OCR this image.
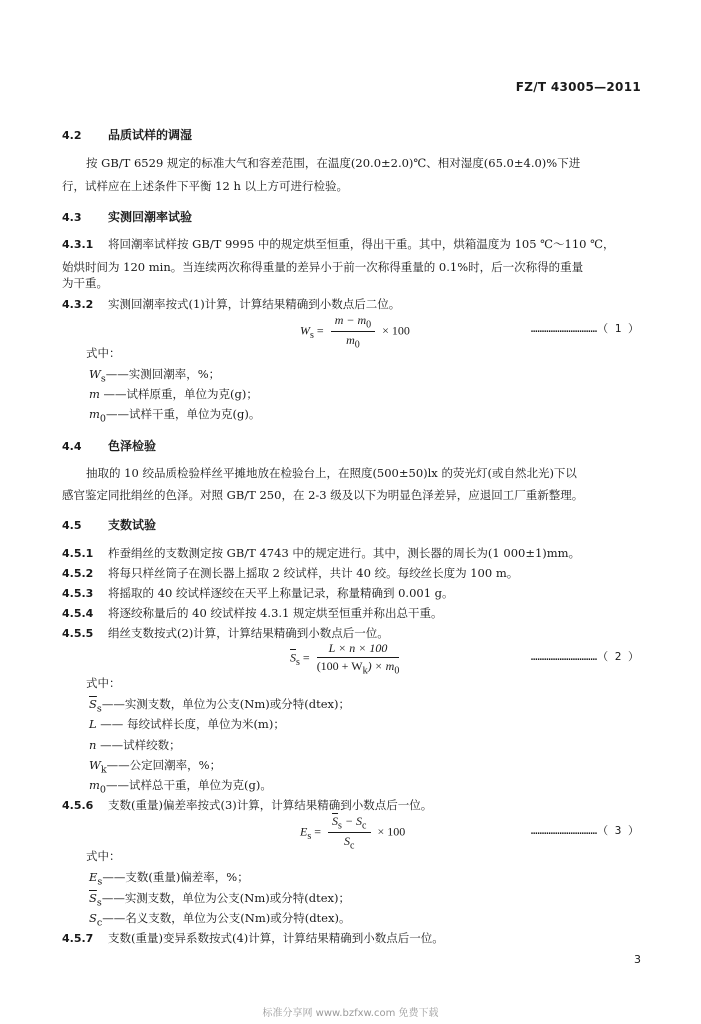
FZ/T 43005—2011
4.2 品质试样的调湿
按 GB/T 6529 规定的标准大气和容差范围，在温度(20.0±2.0)℃、相对湿度(65.0±4.0)%下进
行，试样应在上述条件下平衡 12 h 以上方可进行检验。
4.3 实测回潮率试验
4.3.1 将回潮率试样按 GB/T 9995 中的规定烘至恒重，得出干重。其中，烘箱温度为 105 ℃～110 ℃，
始烘时间为 120 min。当连续两次称得重量的差异小于前一次称得重量的 0.1%时，后一次称得的重量
为干重。
4.3.2 实测回潮率按式(1)计算，计算结果精确到小数点后二位。
$W_s = \frac{m - m_0}{m_0} \times 100$	…………………………（ 1 ）
式中：
$W_s——$实测回潮率，%；
m ——试样原重，单位为克(g)；
$m_0——$试样干重，单位为克(g)。
4.4 色泽检验
抽取的 10 绞品质检验样丝平摊地放在检验台上，在照度(500±50)lx 的荧光灯(或自然北光)下以
感官鉴定同批绢丝的色泽。对照 GB/T 250，在 2-3 级及以下为明显色泽差异，应退回工厂重新整理。
4.5 支数试验
4.5.1 柞蚕绢丝的支数测定按 GB/T 4743 中的规定进行。其中，测长器的周长为(1 000±1)mm。
4.5.2 将每只样丝筒子在测长器上摇取 2 绞试样，共计 40 绞。每绞丝长度为 100 m。
4.5.3 将摇取的 40 绞试样逐绞在天平上称量记录，称量精确到 0.001 g。
4.5.4 将逐绞称量后的 40 绞试样按 4.3.1 规定烘至恒重并称出总干重。
4.5.5 绢丝支数按式(2)计算，计算结果精确到小数点后一位。
$\overline{S}_s = \frac{L \times n \times 100}{(100 + W_k) \times m_0}$	…………………………（ 2 ）
式中：
$\overline{S}_s——$实测支数，单位为公支(Nm)或分特(dtex)；
L —— 每绞试样长度，单位为米(m)；
n ——试样绞数；
$W_k——$公定回潮率，%；
$m_0——$试样总干重，单位为克(g)。
4.5.6 支数(重量)偏差率按式(3)计算，计算结果精确到小数点后一位。
$E_s = \frac{\overline{S}_s - S_c}{S_c} \times 100$	…………………………（ 3 ）
式中：
$E_s——$支数(重量)偏差率，%；
$\overline{S}_s——$实测支数，单位为公支(Nm)或分特(dtex)；
$S_c——$名义支数，单位为公支(Nm)或分特(dtex)。
4.5.7 支数(重量)变异系数按式(4)计算，计算结果精确到小数点后一位。
3
标准分享网 www.bzfxw.com 免费下载
